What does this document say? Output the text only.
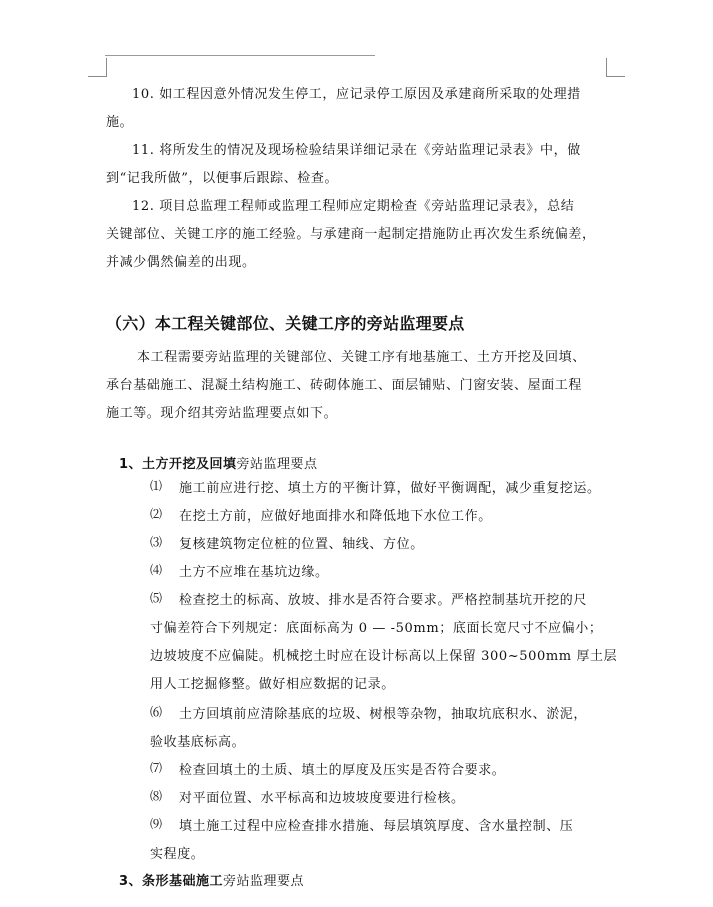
10. 如工程因意外情况发生停工，应记录停工原因及承建商所采取的处理措
施。
11. 将所发生的情况及现场检验结果详细记录在《旁站监理记录表》中，做
到“记我所做”，以便事后跟踪、检查。
12. 项目总监理工程师或监理工程师应定期检查《旁站监理记录表》，总结
关键部位、关键工序的施工经验。与承建商一起制定措施防止再次发生系统偏差，
并减少偶然偏差的出现。
（六）本工程关键部位、关键工序的旁站监理要点
本工程需要旁站监理的关键部位、关键工序有地基施工、土方开挖及回填、
承台基础施工、混凝土结构施工、砖砌体施工、面层铺贴、门窗安装、屋面工程
施工等。现介绍其旁站监理要点如下。
1、土方开挖及回填旁站监理要点
⑴ 施工前应进行挖、填土方的平衡计算，做好平衡调配，减少重复挖运。
⑵ 在挖土方前，应做好地面排水和降低地下水位工作。
⑶ 复核建筑物定位桩的位置、轴线、方位。
⑷ 土方不应堆在基坑边缘。
⑸ 检查挖土的标高、放坡、排水是否符合要求。严格控制基坑开挖的尺
寸偏差符合下列规定：底面标高为 0 — -50mm；底面长宽尺寸不应偏小；
边坡坡度不应偏陡。机械挖土时应在设计标高以上保留 300~500mm 厚土层
用人工挖掘修整。做好相应数据的记录。
⑹ 土方回填前应清除基底的垃圾、树根等杂物，抽取坑底积水、淤泥，
验收基底标高。
⑺ 检查回填土的土质、填土的厚度及压实是否符合要求。
⑻ 对平面位置、水平标高和边坡坡度要进行检核。
⑼ 填土施工过程中应检查排水措施、每层填筑厚度、含水量控制、压
实程度。
3、条形基础施工旁站监理要点
